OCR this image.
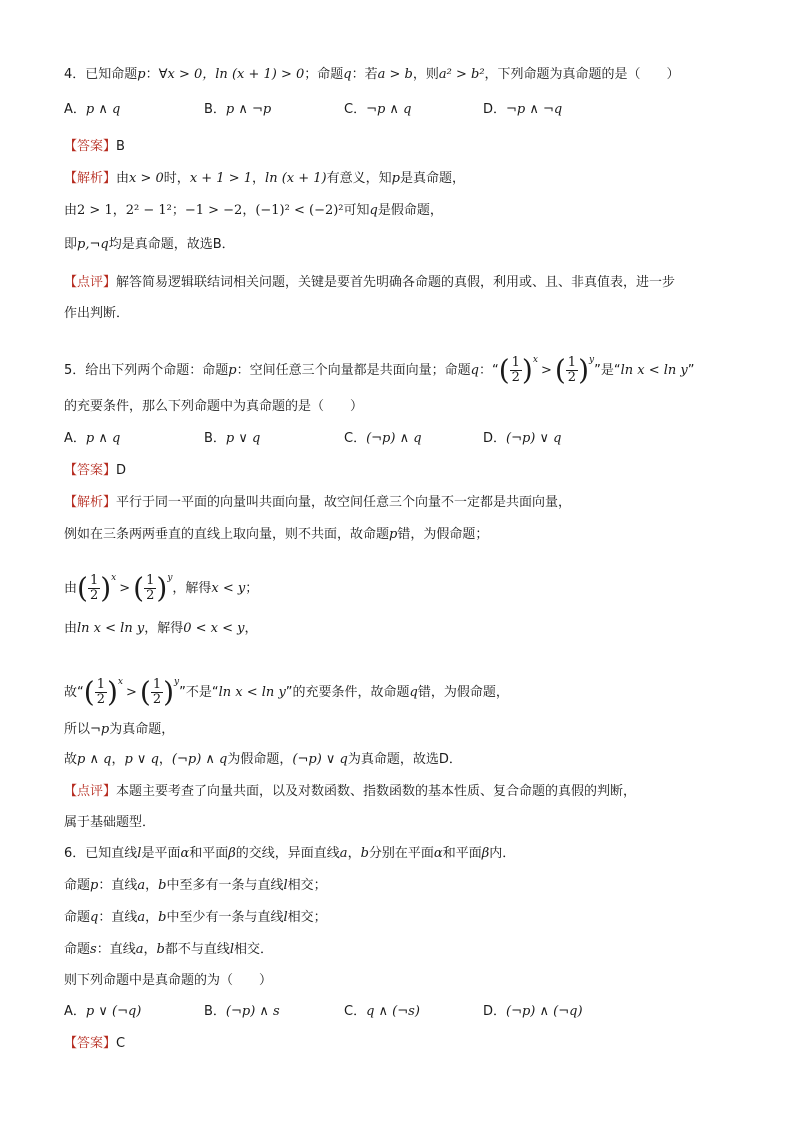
4．已知命题p：∀x > 0，ln (x + 1) > 0；命题q：若a > b，则a² > b²，下列命题为真命题的是（　　）
A．p ∧ q	B．p ∧ ¬p	C．¬p ∧ q	D．¬p ∧ ¬q
【答案】B
【解析】由x > 0时，x + 1 > 1，ln (x + 1)有意义，知p是真命题，
由2 > 1，2² − 1²；−1 > −2，(−1)² < (−2)²可知q是假命题，
即p,¬q均是真命题，故选B．
【点评】解答简易逻辑联结词相关问题，关键是要首先明确各命题的真假，利用或、且、非真值表，进一步
作出判断．
5．给出下列两个命题：命题p：空间任意三个向量都是共面向量；命题q：“( $\frac{1}{2} )^x>$ ( $\frac{1}{2} )^y$”是“ln x < ln y”
的充要条件，那么下列命题中为真命题的是（　　）
A．p ∧ q	B．p ∨ q	C．(¬p) ∧ q	D．(¬p) ∨ q
【答案】D
【解析】平行于同一平面的向量叫共面向量，故空间任意三个向量不一定都是共面向量，
例如在三条两两垂直的直线上取向量，则不共面，故命题p错，为假命题；
由( $\frac{1}{2} )^x>$ ( $\frac{1}{2} )^y$，解得x < y；
由ln x < ln y，解得0 < x < y，
故“( $\frac{1}{2} )^x>$ ( $\frac{1}{2} )^y$”不是“ln x < ln y”的充要条件，故命题q错，为假命题，
所以¬p为真命题，
故p ∧ q，p ∨ q，(¬p) ∧ q为假命题，(¬p) ∨ q为真命题，故选D．
【点评】本题主要考查了向量共面，以及对数函数、指数函数的基本性质、复合命题的真假的判断，
属于基础题型．
6．已知直线l是平面α和平面β的交线，异面直线a，b分别在平面α和平面β内．
命题p：直线a，b中至多有一条与直线l相交；
命题q：直线a，b中至少有一条与直线l相交；
命题s：直线a，b都不与直线l相交．
则下列命题中是真命题的为（　　）
A．p ∨ (¬q)	B．(¬p) ∧ s	C．q ∧ (¬s)	D．(¬p) ∧ (¬q)
【答案】C
